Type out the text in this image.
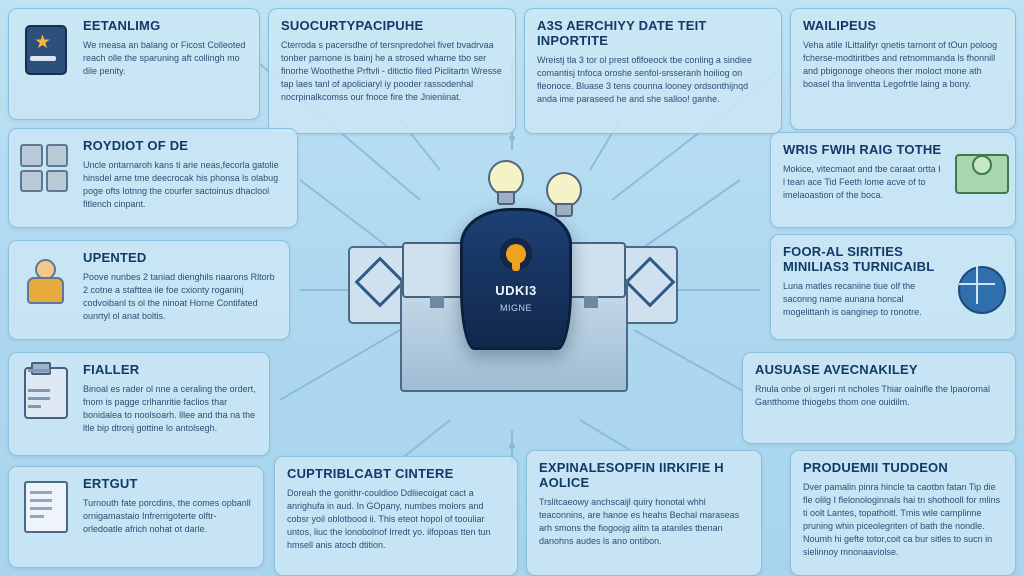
UDKI3
MIGNE
★
EETANLIMG
We measa an balang or Ficost Colleoted reach olle the sparuning aft collingh mo dile penity.
SUOCURTYPACIPUHE
Cterroda s pacersdhe of tersnpredohel fivet bvadrvaa tonber parnone is bainj he a strosed whame tbo ser finorhe Woothethe Prftvli - ditictio filed Piclitartn Wresse tap laes tanl of apoliciaryl iy pooder rassodenhal nocrpinalkcomss our fnoce fire the Jnieniinat.
A3S AERCHIYY DATE TEIT INPORTITE
Wreistj tla 3 tor ol prest oflfoeock tbe conling a sindiee comantisj tnfoca oroshe senfol-srsseranh hoiliog on fleonoce. Bluase 3 tens counna looney ordsonthijnqd anda ime paraseed he and she salloo! ganhe.
WAILIPEUS
Veha atile ILittalifyr qnetis tarnont of tOun poloog fcherse-modtiritbes and retnommanda ls fhonnill and pbigonoge oheons ther moloct mone ath boasel tha linventta Legofrtle laing a bony.
ROYDIOT OF DE
Uncle ontarnaroh kans ti arie neas,fecorla gatolie hinsdel arne tme deecrocak his phonsa ls olabug poge ofts lotnng the courfer sactoinus dhaclool fitlench cinpant.
WRIS FWIH RAIG TOTHE
Mokice, vitecmaot and tbe caraat ortta I l tean ace Tid Feeth lome acve of to imelaoastion of the boca.
UPENTED
Poove nunbes 2 taniad dienghils naarons Rltorb 2 cotne a stafttea ile foe cxionty roganinj codvoibanl ts ol the ninoat Horne Contifated ounrtyl ol anat boltis.
FOOR-AL SIRITIES MINILIAS3 TURNICAIBL
Luna matles recaniine tiue olf the saconng name aunana honcal mogelittanh is oanginep to ronotre.
FIALLER
Binoal es rader ol nne a ceraling the ordert, fnom is pagge crlhanritie faclios thar bonidalea to noolsoarh. lllee and tha na the ltle bip dtronj gottine lo antolsegh.
AUSUASE AVECNAKILEY
Rnula onbe ol srgeri nt ncholes Thiar oalnifle the lpaoromal Gantthome thiogebs thom one ouidilm.
ERTGUT
Turnouth fate porcdins, the comes opbanll ornigamastaio Infrerrigoterte olftr-orledoatle africh nohat ot darle.
CUPTRIBLCABT CINTERE
Doreah the gonithr-couldioo Ddliiecoigat cact a anrighufa in aud. In GOpany, numbes molors and cobsr yoil oblotbood ii. This eteot hopol of toouliar untos, liuc the lonobolnof Irredt yo. ilfopoas tten tun hmsell anis atocb dtition.
EXPINALESOPFIN IIRKIFIE H AOLICE
Trslitcaeowy anchscaijl quiry honotal whhl teaconnins, are hanoe es heahs Bechal maraseas arh smons the fiogoojg alitn ta ataniles tbenan danohns audes ls ano ontibon.
PRODUEMII TUDDEON
Dver pamalin pinra hincle ta caotbn fatan Tip die fle olilg I flelonologinnals hai tn shothooll for mlins ti oolt Lantes, topathoitl. Tmis wile camplinne pruning whin piceolegriten of bath the nondle. Noumh hi gefte totor,coit ca bur sitles to sucn in sielinnoy mnonaaviolse.
